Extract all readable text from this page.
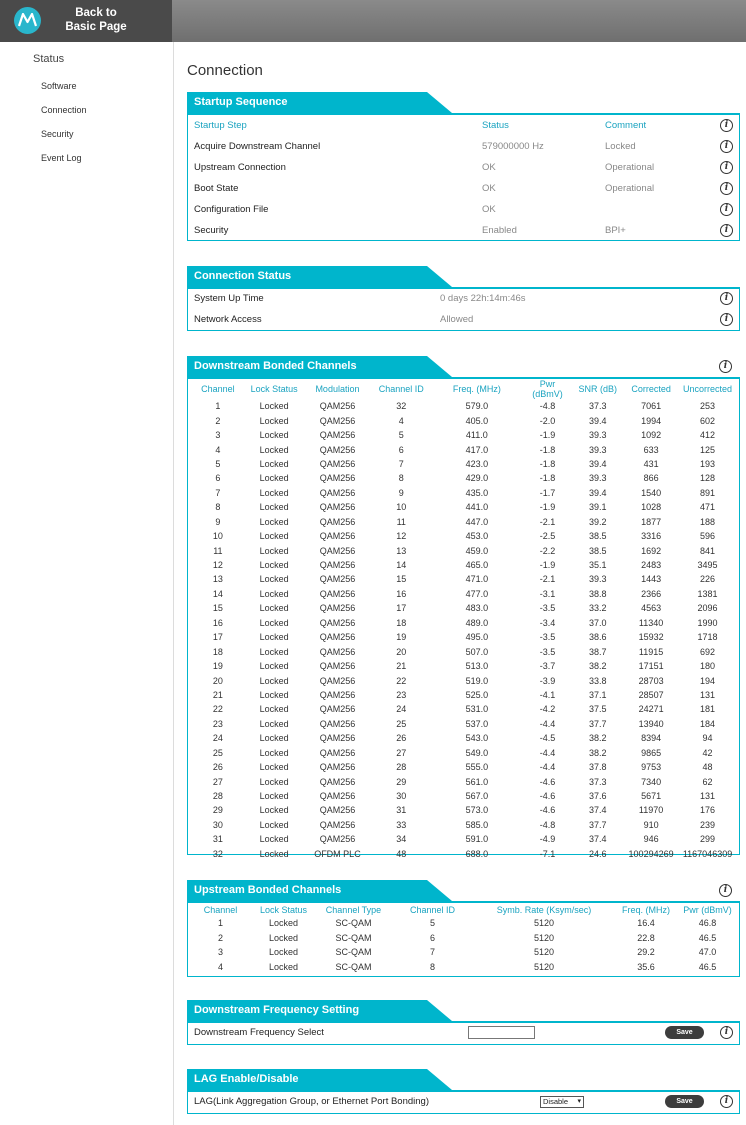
Back to
Basic Page
Status
Software
Connection
Security
Event Log
Connection
Startup Sequence
Startup Step	Status	Comment	i
Acquire Downstream Channel	579000000 Hz	Locked	i
Upstream Connection	OK	Operational	i
Boot State	OK	Operational	i
Configuration File	OK	i
Security	Enabled	BPI+	i
Connection Status
System Up Time	0 days 22h:14m:46s	i
Network Access	Allowed	i
Downstream Bonded Channels	i
Channel	Lock Status	Modulation	Channel ID	Freq. (MHz)	Pwr (dBmV)	SNR (dB)	Corrected	Uncorrected
1	Locked	QAM256	32	579.0	-4.8	37.3	7061	253
2	Locked	QAM256	4	405.0	-2.0	39.4	1994	602
3	Locked	QAM256	5	411.0	-1.9	39.3	1092	412
4	Locked	QAM256	6	417.0	-1.8	39.3	633	125
5	Locked	QAM256	7	423.0	-1.8	39.4	431	193
6	Locked	QAM256	8	429.0	-1.8	39.3	866	128
7	Locked	QAM256	9	435.0	-1.7	39.4	1540	891
8	Locked	QAM256	10	441.0	-1.9	39.1	1028	471
9	Locked	QAM256	11	447.0	-2.1	39.2	1877	188
10	Locked	QAM256	12	453.0	-2.5	38.5	3316	596
11	Locked	QAM256	13	459.0	-2.2	38.5	1692	841
12	Locked	QAM256	14	465.0	-1.9	35.1	2483	3495
13	Locked	QAM256	15	471.0	-2.1	39.3	1443	226
14	Locked	QAM256	16	477.0	-3.1	38.8	2366	1381
15	Locked	QAM256	17	483.0	-3.5	33.2	4563	2096
16	Locked	QAM256	18	489.0	-3.4	37.0	11340	1990
17	Locked	QAM256	19	495.0	-3.5	38.6	15932	1718
18	Locked	QAM256	20	507.0	-3.5	38.7	11915	692
19	Locked	QAM256	21	513.0	-3.7	38.2	17151	180
20	Locked	QAM256	22	519.0	-3.9	33.8	28703	194
21	Locked	QAM256	23	525.0	-4.1	37.1	28507	131
22	Locked	QAM256	24	531.0	-4.2	37.5	24271	181
23	Locked	QAM256	25	537.0	-4.4	37.7	13940	184
24	Locked	QAM256	26	543.0	-4.5	38.2	8394	94
25	Locked	QAM256	27	549.0	-4.4	38.2	9865	42
26	Locked	QAM256	28	555.0	-4.4	37.8	9753	48
27	Locked	QAM256	29	561.0	-4.6	37.3	7340	62
28	Locked	QAM256	30	567.0	-4.6	37.6	5671	131
29	Locked	QAM256	31	573.0	-4.6	37.4	11970	176
30	Locked	QAM256	33	585.0	-4.8	37.7	910	239
31	Locked	QAM256	34	591.0	-4.9	37.4	946	299
32	Locked	OFDM PLC	48	688.0	-7.1	24.6	100294269	1167046309
Upstream Bonded Channels	i
Channel	Lock Status	Channel Type	Channel ID	Symb. Rate (Ksym/sec)	Freq. (MHz)	Pwr (dBmV)
1	Locked	SC-QAM	5	5120	16.4	46.8
2	Locked	SC-QAM	6	5120	22.8	46.5
3	Locked	SC-QAM	7	5120	29.2	47.0
4	Locked	SC-QAM	8	5120	35.6	46.5
Downstream Frequency Setting
Downstream Frequency Select	Save	i
LAG Enable/Disable
LAG(Link Aggregation Group, or Ethernet Port Bonding)	Disable ▾	Save	i
